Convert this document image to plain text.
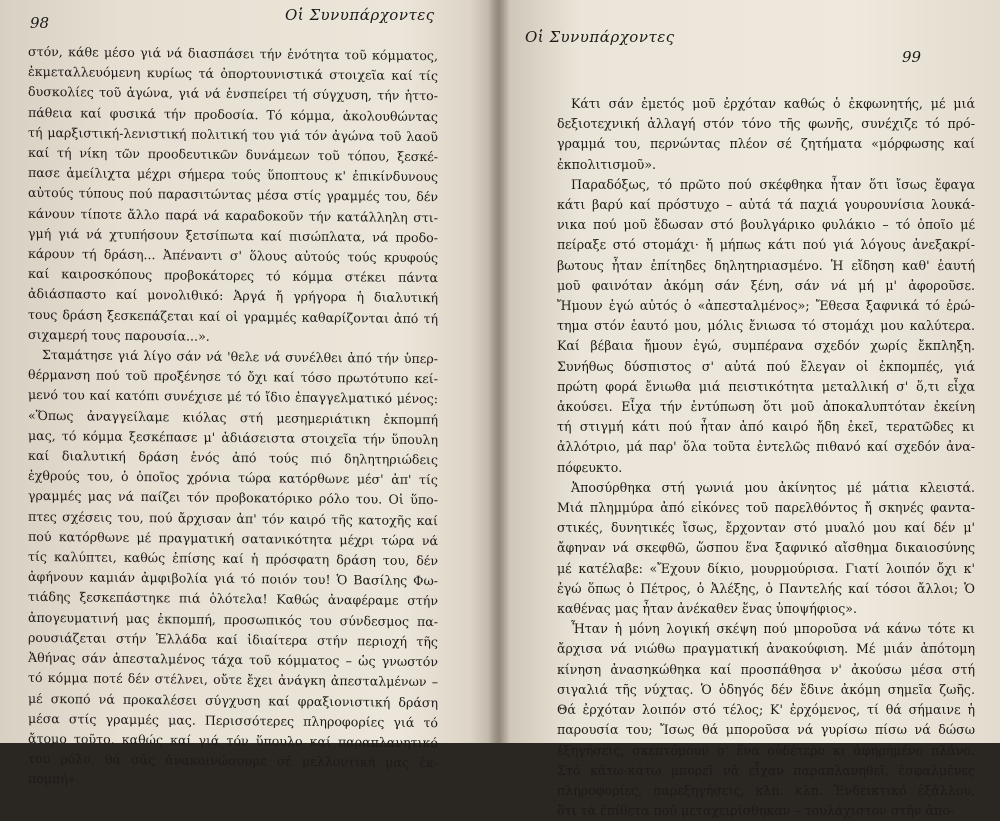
98	Οἱ Συνυπάρχοντες
στόν, κάθε μέσο γιά νά διασπάσει τήν ἑνότητα τοῦ κόμματος,
ἐκμεταλλευόμενη κυρίως τά ὀπορτουνιστικά στοιχεῖα καί τίς
δυσκολίες τοῦ ἀγώνα, γιά νά ἐνσπείρει τή σύγχυση, τήν ἡττο-
πάθεια καί φυσικά τήν προδοσία. Τό κόμμα, ἀκολουθώντας
τή μαρξιστική-λενιστική πολιτική του γιά τόν ἀγώνα τοῦ λαοῦ
καί τή νίκη τῶν προοδευτικῶν δυνάμεων τοῦ τόπου, ξεσκέ-
πασε ἀμείλιχτα μέχρι σήμερα τούς ὕποπτους κ' ἐπικίνδυνους
αὐτούς τύπους πού παρασιτώντας μέσα στίς γραμμές του, δέν
κάνουν τίποτε ἄλλο παρά νά καραδοκοῦν τήν κατάλληλη στι-
γμή γιά νά χτυπήσουν ξετσίπωτα καί πισώπλατα, νά προδο-
κάρουν τή δράση... Ἀπέναντι σ' ὅλους αὐτούς τούς κρυφούς
καί καιροσκόπους προβοκάτορες τό κόμμα στέκει πάντα
ἀδιάσπαστο καί μονολιθικό: Ἀργά ἤ γρήγορα ἡ διαλυτική
τους δράση ξεσκεπάζεται καί οἱ γραμμές καθαρίζονται ἀπό τή
σιχαμερή τους παρουσία...».
Σταμάτησε γιά λίγο σάν νά 'θελε νά συνέλθει ἀπό τήν ὑπερ-
θέρμανση πού τοῦ προξένησε τό ὄχι καί τόσο πρωτότυπο κεί-
μενό του καί κατόπι συνέχισε μέ τό ἴδιο ἐπαγγελματικό μένος:
«Ὅπως ἀναγγείλαμε κιόλας στή μεσημεριάτικη ἐκπομπή
μας, τό κόμμα ξεσκέπασε μ' ἀδιάσειστα στοιχεῖα τήν ὕπουλη
καί διαλυτική δράση ἑνός ἀπό τούς πιό δηλητηριώδεις
ἐχθρούς του, ὁ ὁποῖος χρόνια τώρα κατόρθωνε μέσ' ἀπ' τίς
γραμμές μας νά παίζει τόν προβοκατόρικο ρόλο του. Οἱ ὕπο-
πτες σχέσεις του, πού ἄρχισαν ἀπ' τόν καιρό τῆς κατοχῆς καί
πού κατόρθωνε μέ πραγματική σατανικότητα μέχρι τώρα νά
τίς καλύπτει, καθώς ἐπίσης καί ἡ πρόσφατη δράση του, δέν
ἀφήνουν καμιάν ἀμφιβολία γιά τό ποιόν του! Ὁ Βασίλης Φω-
τιάδης ξεσκεπάστηκε πιά ὁλότελα! Καθώς ἀναφέραμε στήν
ἀπογευματινή μας ἐκπομπή, προσωπικός του σύνδεσμος πα-
ρουσιάζεται στήν Ἑλλάδα καί ἰδιαίτερα στήν περιοχή τῆς
Ἀθήνας σάν ἀπεσταλμένος τάχα τοῦ κόμματος – ὡς γνωστόν
τό κόμμα ποτέ δέν στέλνει, οὔτε ἔχει ἀνάγκη ἀπεσταλμένων –
μέ σκοπό νά προκαλέσει σύγχυση καί φραξιονιστική δράση
μέσα στίς γραμμές μας. Περισσότερες πληροφορίες γιά τό
ἄτομο τοῦτο, καθώς καί γιά τόν ὕπουλο καί παραπλανητικό
του ρόλο, θά σᾶς ἀνακοινώσουμε σέ μελλοντική μας ἐκ-
πομπή».
Οἱ Συνυπάρχοντες
99
Κάτι σάν ἐμετός μοῦ ἐρχόταν καθώς ὁ ἐκφωνητής, μέ μιά
δεξιοτεχνική ἀλλαγή στόν τόνο τῆς φωνῆς, συνέχιζε τό πρό-
γραμμά του, περνώντας πλέον σέ ζητήματα «μόρφωσης καί
ἐκπολιτισμοῦ».
Παραδόξως, τό πρῶτο πού σκέφθηκα ἦταν ὅτι ἴσως ἔφαγα
κάτι βαρύ καί πρόστυχο – αὐτά τά παχιά γουρουνίσια λουκά-
νικα πού μοῦ ἔδωσαν στό βουλγάρικο φυλάκιο – τό ὁποῖο μέ
πείραξε στό στομάχι· ἤ μήπως κάτι πού γιά λόγους ἀνεξακρί-
βωτους ἦταν ἐπίτηδες δηλητηριασμένο. Ἡ εἴδηση καθ' ἑαυτή
μοῦ φαινόταν ἀκόμη σάν ξένη, σάν νά μή μ' ἀφοροῦσε.
Ἤμουν ἐγώ αὐτός ὁ «ἀπεσταλμένος»; Ἔθεσα ξαφνικά τό ἐρώ-
τημα στόν ἑαυτό μου, μόλις ἔνιωσα τό στομάχι μου καλύτερα.
Καί βέβαια ἤμουν ἐγώ, συμπέρανα σχεδόν χωρίς ἔκπληξη.
Συνήθως δύσπιστος σ' αὐτά πού ἔλεγαν οἱ ἐκπομπές, γιά
πρώτη φορά ἔνιωθα μιά πειστικότητα μεταλλική σ' ὅ,τι εἶχα
ἀκούσει. Εἶχα τήν ἐντύπωση ὅτι μοῦ ἀποκαλυπτόταν ἐκείνη
τή στιγμή κάτι πού ἦταν ἀπό καιρό ἤδη ἐκεῖ, τερατῶδες κι
ἀλλότριο, μά παρ' ὅλα τοῦτα ἐντελῶς πιθανό καί σχεδόν ἀνα-
πόφευκτο.
Ἀποσύρθηκα στή γωνιά μου ἀκίνητος μέ μάτια κλειστά.
Μιά πλημμύρα ἀπό εἰκόνες τοῦ παρελθόντος ἤ σκηνές φαντα-
στικές, δυνητικές ἴσως, ἔρχονταν στό μυαλό μου καί δέν μ'
ἄφηναν νά σκεφθῶ, ὥσπου ἕνα ξαφνικό αἴσθημα δικαιοσύνης
μέ κατέλαβε: «Ἔχουν δίκιο, μουρμούρισα. Γιατί λοιπόν ὄχι κ'
ἐγώ ὅπως ὁ Πέτρος, ὁ Ἀλέξης, ὁ Παντελής καί τόσοι ἄλλοι; Ὁ
καθένας μας ἦταν ἀνέκαθεν ἕνας ὑποψήφιος».
Ἦταν ἡ μόνη λογική σκέψη πού μποροῦσα νά κάνω τότε κι
ἄρχισα νά νιώθω πραγματική ἀνακούφιση. Μέ μιάν ἀπότομη
κίνηση ἀνασηκώθηκα καί προσπάθησα ν' ἀκούσω μέσα στή
σιγαλιά τῆς νύχτας. Ὁ ὁδηγός δέν ἔδινε ἀκόμη σημεῖα ζωῆς.
Θά ἐρχόταν λοιπόν στό τέλος; Κ' ἐρχόμενος, τί θά σήμαινε ἡ
παρουσία του; Ἴσως θά μποροῦσα νά γυρίσω πίσω νά δώσω
ἐξηγήσεις, σκεπτόμουν σ' ἕνα οὐδέτερο κι ἀφηρημένο πλάνο.
Στό κάτω-κάτω μπορεῖ νά εἶχαν παραπλανηθεῖ, ἐσφαλμένες
πληροφορίες, παρεξηγήσεις, κλπ. κλπ. Ἐνδεικτικό ἐξάλλου,
ὅτι τά ἐπίθετα πού μεταχειρίσθηκαν – τουλάχιστον στήν ἀπο-
